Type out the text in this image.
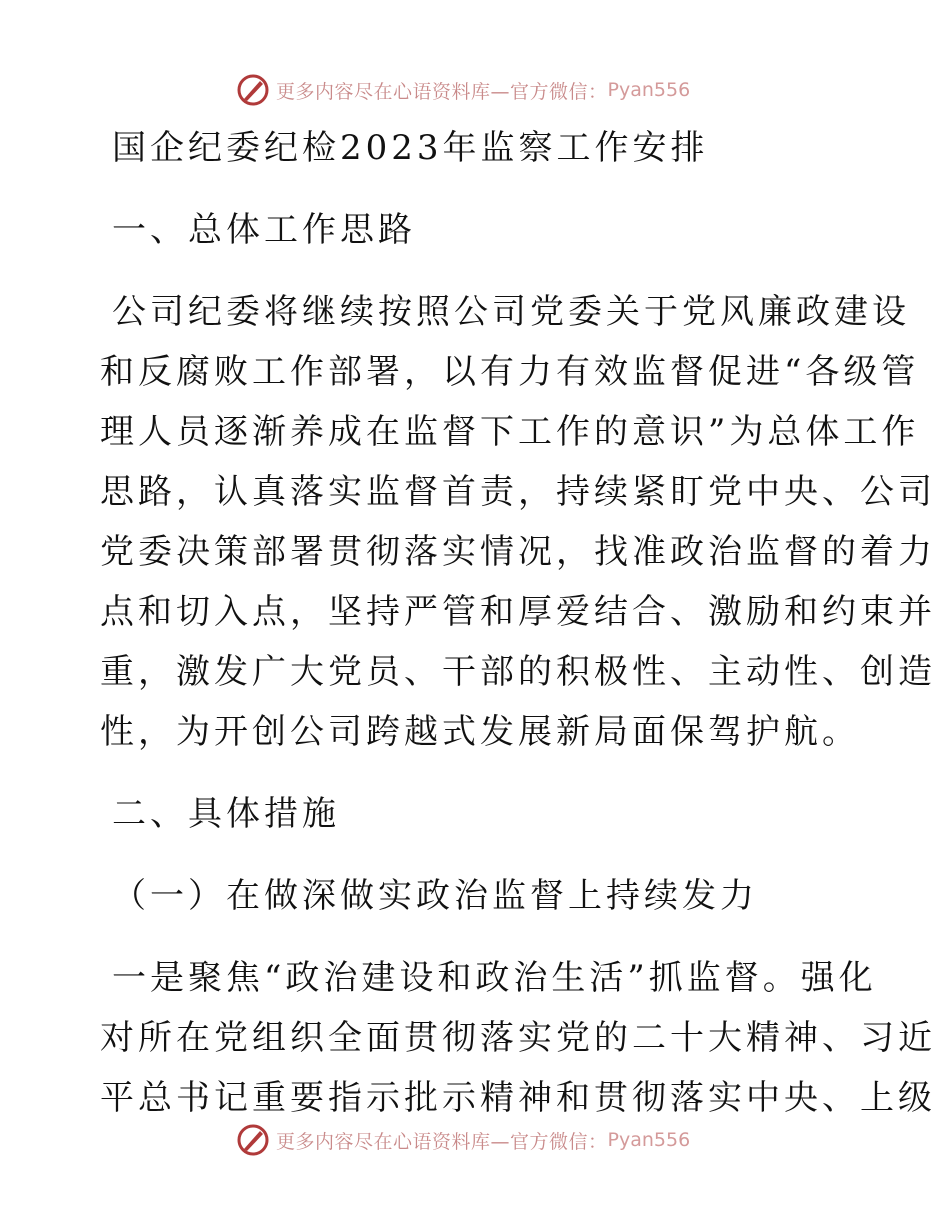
更多内容尽在心语资料库—官方微信： Pyan556
国企纪委纪检2023年监察工作安排
一、总体工作思路
公司纪委将继续按照公司党委关于党风廉政建设
和反腐败工作部署，以有力有效监督促进“各级管
理人员逐渐养成在监督下工作的意识”为总体工作
思路，认真落实监督首责，持续紧盯党中央、公司
党委决策部署贯彻落实情况，找准政治监督的着力
点和切入点，坚持严管和厚爱结合、激励和约束并
重，激发广大党员、干部的积极性、主动性、创造
性，为开创公司跨越式发展新局面保驾护航。
二、具体措施
（一）在做深做实政治监督上持续发力
一是聚焦“政治建设和政治生活”抓监督。强化
对所在党组织全面贯彻落实党的二十大精神、习近
平总书记重要指示批示精神和贯彻落实中央、上级
更多内容尽在心语资料库—官方微信： Pyan556
